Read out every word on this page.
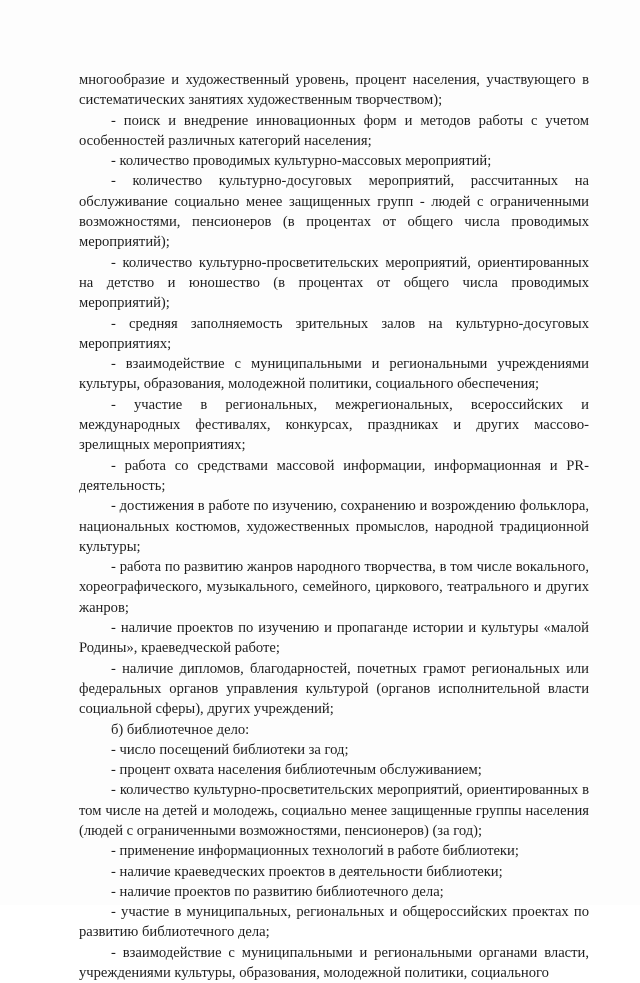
многообразие и художественный уровень, процент населения, участвующего в систематических занятиях художественным творчеством);

- поиск и внедрение инновационных форм и методов работы с учетом особенностей различных категорий населения;

- количество проводимых культурно-массовых мероприятий;

- количество культурно-досуговых мероприятий, рассчитанных на обслуживание социально менее защищенных групп - людей с ограниченными возможностями, пенсионеров (в процентах от общего числа проводимых мероприятий);

- количество культурно-просветительских мероприятий, ориентированных на детство и юношество (в процентах от общего числа проводимых мероприятий);

- средняя заполняемость зрительных залов на культурно-досуговых мероприятиях;

- взаимодействие с муниципальными и региональными учреждениями культуры, образования, молодежной политики, социального обеспечения;

- участие в региональных, межрегиональных, всероссийских и международных фестивалях, конкурсах, праздниках и других массово-зрелищных мероприятиях;

- работа со средствами массовой информации, информационная и PR-деятельность;

- достижения в работе по изучению, сохранению и возрождению фольклора, национальных костюмов, художественных промыслов, народной традиционной культуры;

- работа по развитию жанров народного творчества, в том числе вокального, хореографического, музыкального, семейного, циркового, театрального и других жанров;

- наличие проектов по изучению и пропаганде истории и культуры «малой Родины», краеведческой работе;

- наличие дипломов, благодарностей, почетных грамот региональных или федеральных органов управления культурой (органов исполнительной власти социальной сферы), других учреждений;

б) библиотечное дело:

- число посещений библиотеки за год;

- процент охвата населения библиотечным обслуживанием;

- количество культурно-просветительских мероприятий, ориентированных в том числе на детей и молодежь, социально менее защищенные группы населения (людей с ограниченными возможностями, пенсионеров) (за год);

- применение информационных технологий в работе библиотеки;

- наличие краеведческих проектов в деятельности библиотеки;

- наличие проектов по развитию библиотечного дела;

- участие в муниципальных, региональных и общероссийских проектах по развитию библиотечного дела;

- взаимодействие с муниципальными и региональными органами власти, учреждениями культуры, образования, молодежной политики, социального
